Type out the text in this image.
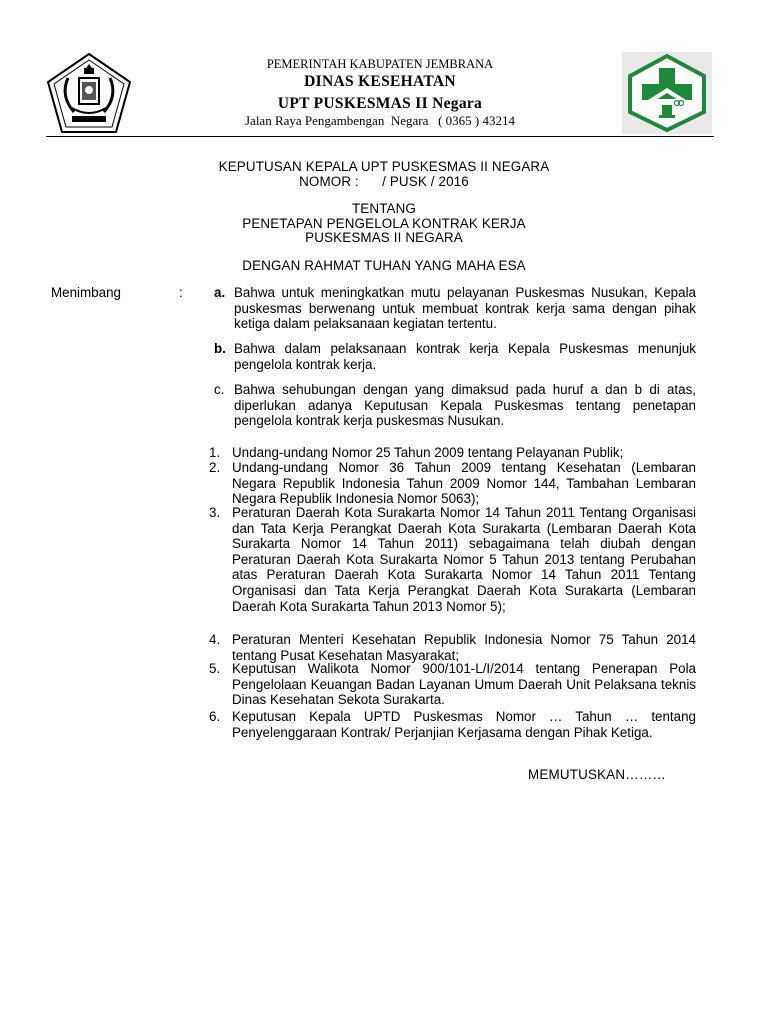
PEMERINTAH KABUPATEN JEMBRANA
DINAS KESEHATAN
UPT PUSKESMAS II Negara
Jalan Raya Pengambengan  Negara   ( 0365 ) 43214
KEPUTUSAN KEPALA UPT PUSKESMAS II NEGARA
NOMOR :      / PUSK / 2016
TENTANG
PENETAPAN PENGELOLA KONTRAK KERJA
PUSKESMAS II NEGARA
DENGAN RAHMAT TUHAN YANG MAHA ESA
Menimbang	: a. Bahwa untuk meningkatkan mutu pelayanan Puskesmas Nusukan, Kepala puskesmas berwenang untuk membuat kontrak kerja sama dengan pihak ketiga dalam pelaksanaan kegiatan tertentu.
b. Bahwa dalam pelaksanaan kontrak kerja Kepala Puskesmas menunjuk pengelola kontrak kerja.
c. Bahwa sehubungan dengan yang dimaksud pada huruf a dan b di atas, diperlukan adanya Keputusan Kepala Puskesmas tentang penetapan pengelola kontrak kerja puskesmas Nusukan.
1. Undang-undang Nomor 25 Tahun 2009 tentang Pelayanan Publik;
2. Undang-undang Nomor 36 Tahun 2009 tentang Kesehatan (Lembaran Negara Republik Indonesia Tahun 2009 Nomor 144, Tambahan Lembaran Negara Republik Indonesia Nomor 5063);
3. Peraturan Daerah Kota Surakarta Nomor 14 Tahun 2011 Tentang Organisasi dan Tata Kerja Perangkat Daerah Kota Surakarta (Lembaran Daerah Kota Surakarta Nomor 14 Tahun 2011) sebagaimana telah diubah dengan Peraturan Daerah Kota Surakarta Nomor 5 Tahun 2013 tentang Perubahan atas Peraturan Daerah Kota Surakarta Nomor 14 Tahun 2011 Tentang Organisasi dan Tata Kerja Perangkat Daerah Kota Surakarta (Lembaran Daerah Kota Surakarta Tahun 2013 Nomor 5);
4. Peraturan Menteri Kesehatan Republik Indonesia Nomor 75 Tahun 2014 tentang Pusat Kesehatan Masyarakat;
5. Keputusan Walikota Nomor 900/101-L/I/2014 tentang Penerapan Pola Pengelolaan Keuangan Badan Layanan Umum Daerah Unit Pelaksana teknis Dinas Kesehatan Sekota Surakarta.
6. Keputusan Kepala UPTD Puskesmas Nomor … Tahun … tentang Penyelenggaraan Kontrak/ Perjanjian Kerjasama dengan Pihak Ketiga.
MEMUTUSKAN………
